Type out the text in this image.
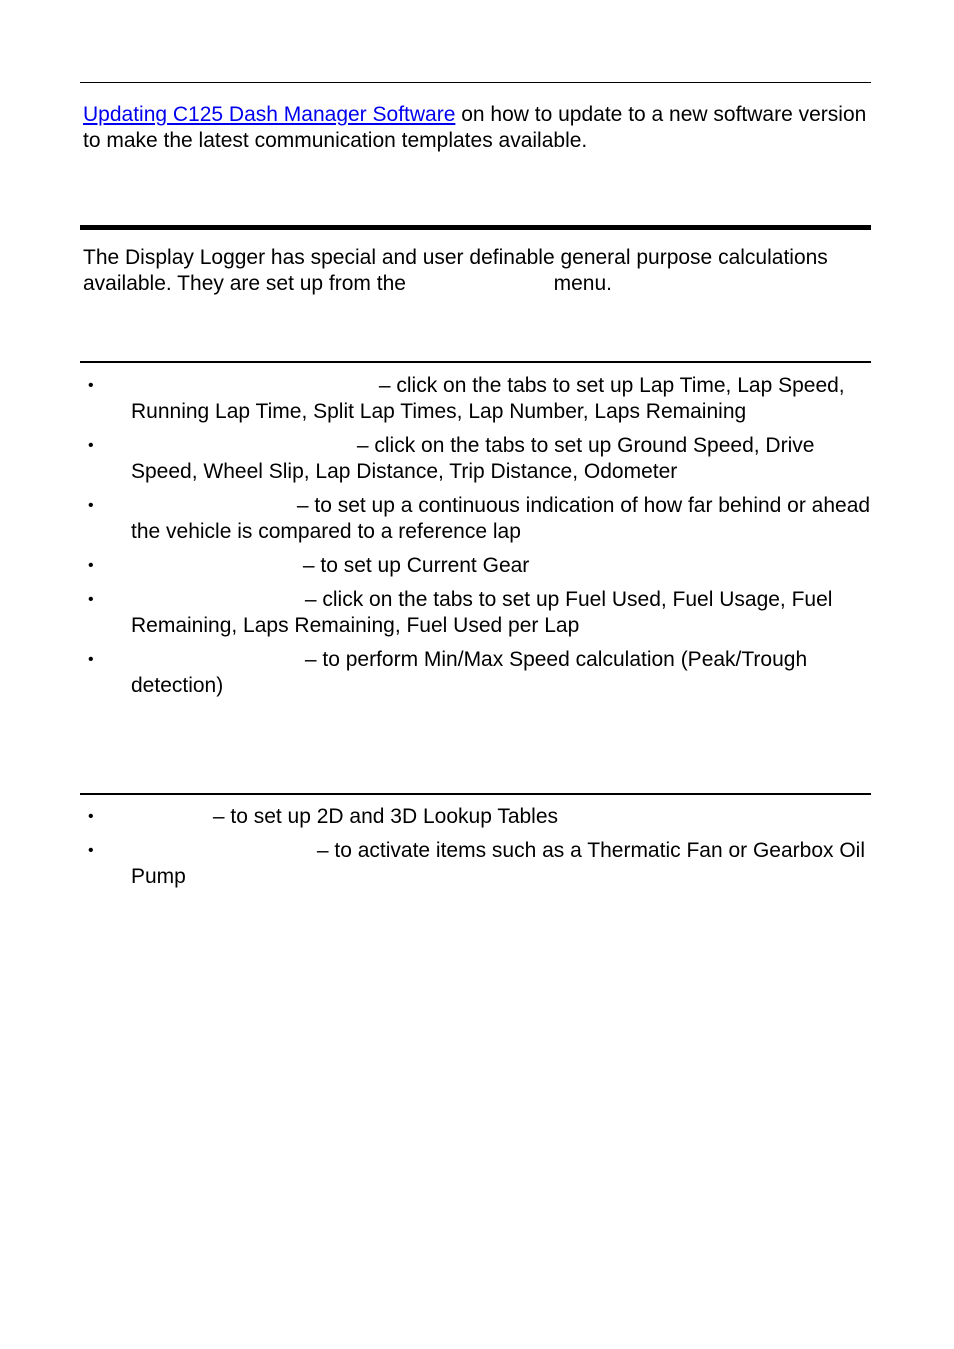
Updating C125 Dash Manager Software on how to update to a new software version to make the latest communication templates available.

The Display Logger has special and user definable general purpose calculations available. They are set up from the	menu.

•	– click on the tabs to set up Lap Time, Lap Speed, Running Lap Time, Split Lap Times, Lap Number, Laps Remaining
•	– click on the tabs to set up Ground Speed, Drive Speed, Wheel Slip, Lap Distance, Trip Distance, Odometer
•	– to set up a continuous indication of how far behind or ahead the vehicle is compared to a reference lap
•	– to set up Current Gear
•	– click on the tabs to set up Fuel Used, Fuel Usage, Fuel Remaining, Laps Remaining, Fuel Used per Lap
•	– to perform Min/Max Speed calculation (Peak/Trough detection)
•	– to set up 2D and 3D Lookup Tables
•	– to activate items such as a Thermatic Fan or Gearbox Oil Pump
